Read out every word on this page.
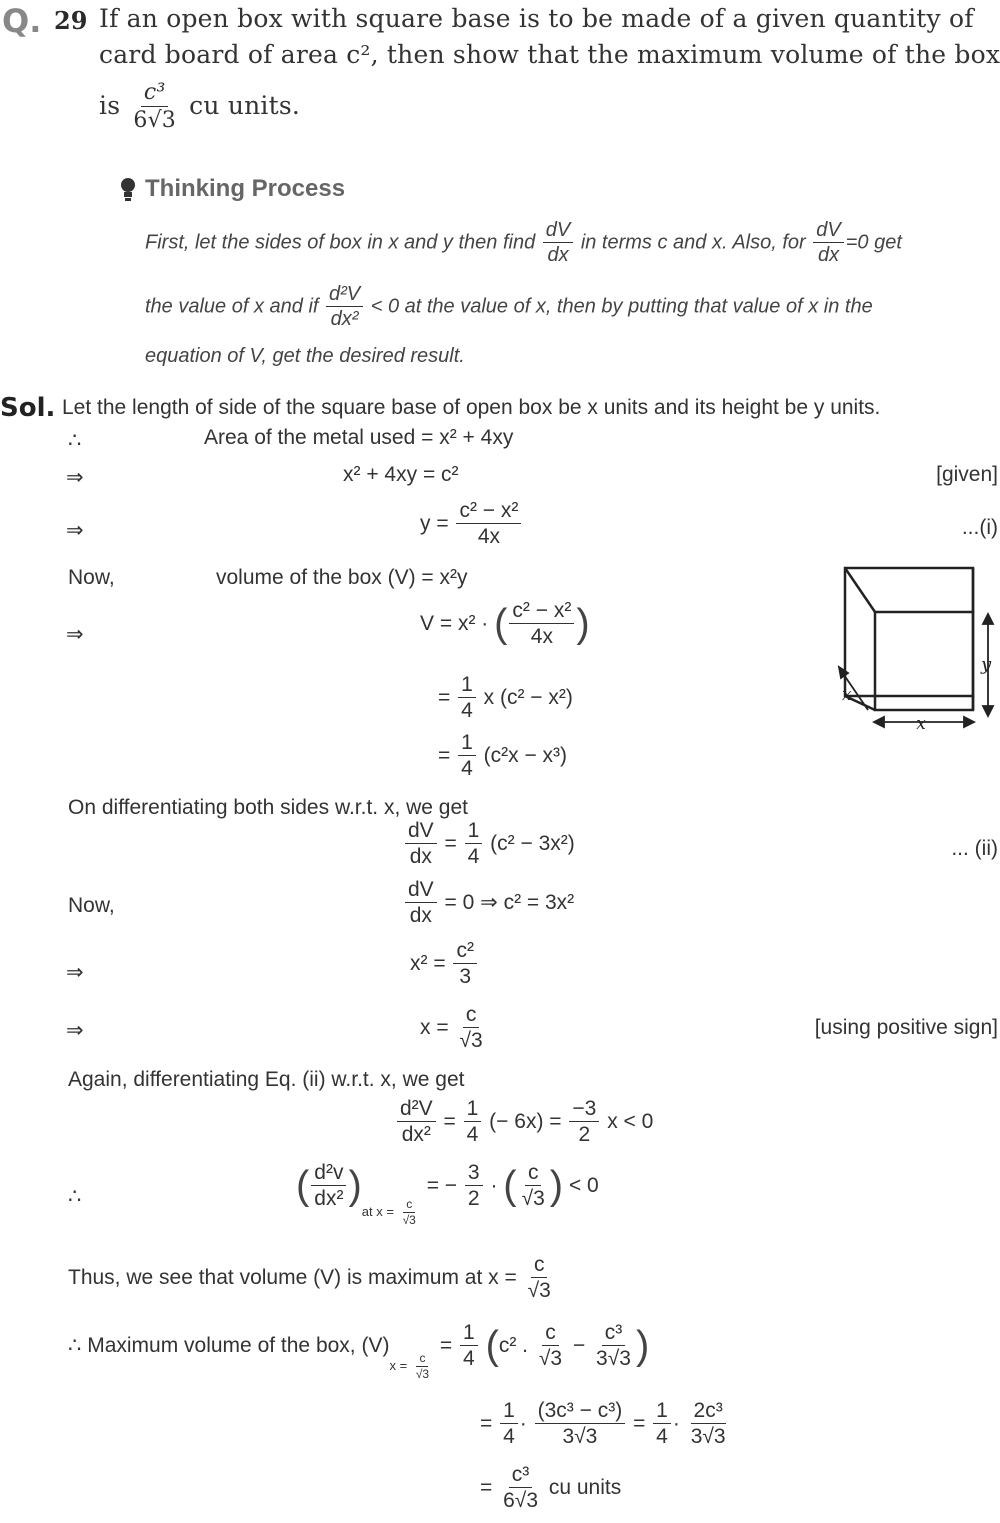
Q. 29 If an open box with square base is to be made of a given quantity of
card board of area c², then show that the maximum volume of the box
is $\frac{\text{c³}}{6√3}$ cu units.
Thinking Process
First, let the sides of box in x and y then find $\frac{dV}{dx}$ in terms c and x. Also, for $\frac{dV}{dx} =0$ get
the value of x and if $\frac{\text{d²V}}{\text{dx²}} < 0$ at the value of x, then by putting that value of x in the
equation of V, get the desired result.
Sol. Let the length of side of the square base of open box be x units and its height be y units.
∴	Area of the metal used = x² + 4xy
⇒	x² + 4xy = c²	[given]
⇒	$y = \frac{\text{c² − x²}}{4x}$	...(i)
Now,	volume of the box (V) = x²y
⇒	V = x² · ( $\frac{\text{c² − x²}}{4x}$ )
= $\frac{1}{4}$ x (c² − x²)
= $\frac{1}{4} (c^2x - x^3)$
On differentiating both sides w.r.t. x, we get
$\frac{dV}{dx} = \frac{1}{4} (c^2 - 3x^2)$	... (ii)
Now,	$\frac{dV}{dx} = 0$ ⇒ c² = 3x²
⇒	$x^2 = \frac{\text{c²}}{3}$
⇒	$x = \frac{c}{√3}$	[using positive sign]
Again, differentiating Eq. (ii) w.r.t. x, we get
$\frac{\text{d²V}}{\text{dx²}} = \frac{1}{4}$ (− $6x) = \frac{-3}{2}$ x < 0
∴	( $\frac{\text{d²v}}{\text{dx²}} )_{at x = \frac{c}{√3}}$
= − $\frac{3}{2}$ · ( $\frac{c}{√3}$ ) < 0
Thus, we see that volume (V) is maximum at $x = \frac{c}{√3}$
∴ Maximum volume of the box, $(V)_{x = \frac{c}{√3}}$
= $\frac{1}{4} (c^2$ . $\frac{c}{√3} - \frac{\text{c³}}{3√3}$ )
= $\frac{1}{4} \cdot \frac{\text{(3c³ − c³)}}{3√3} = \frac{1}{4} \cdot \frac{\text{2c³}}{3√3}$
= $\frac{\text{c³}}{6√3}$ cu units
y
x
x
